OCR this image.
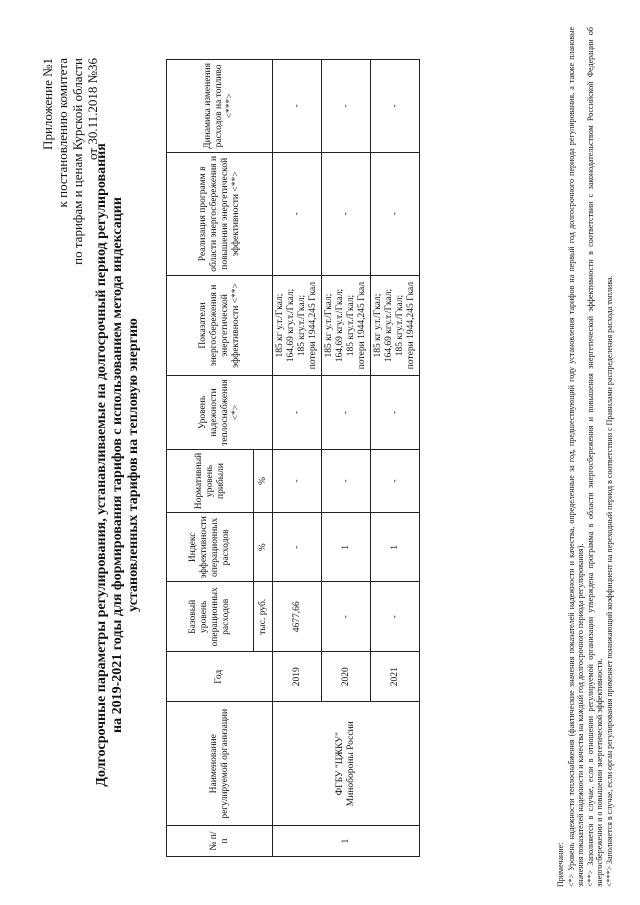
Приложение №1 к постановлению комитета по тарифам и ценам Курской области от 30.11.2018 №36
Долгосрочные параметры регулирования, устанавливаемые на долгосрочный период регулирования на 2019-2021 годы для формирования тарифов с использованием метода индексации установленных тарифов на тепловую энергию
№ п/п	Наименование регулируемой организации	Год	Базовый уровень операционных расходов	Индекс эффективности операционных расходов	Нормативный уровень прибыли	Уровень надежности теплоснабжения <*>	Показатели энергосбережения и энергетической эффективности <**>	Реализация программ в области энергосбережения и повышения энергетической эффективности <**>	Динамика изменения расходов на топливо <***>
			тыс. руб.	%	%				
1	ФГБУ "ЦЖКУ" Минобороны России	2019	4677,66	-	-	-	185 кг у.т./Гкал; 164,69 кгу.т./Гкал; 185 кгу.т./Гкал; потери 1944,245 Гкал	-	-
		2020	-	1	-	-	185 кг у.т./Гкал; 164,69 кгу.т./Гкал; 185 кгу.т./Гкал; потери 1944,245 Гкал	-	-
		2021	-	1	-	-	185 кг у.т./Гкал; 164,69 кгу.т./Гкал; 185 кгу.т./Гкал; потери 1944,245 Гкал	-	-
Примечание: <*> Уровень надежности теплоснабжения (фактические значения показателей надежности и качества, определенные за год, предшествующий году установления тарифов на первый год долгосрочного периода регулирования, а также плановые значения показателей надежности и качества на каждый год долгосрочного периода регулирования). <**> Заполняется в случае, если в отношении регулируемой организации утверждена программа в области энергосбережения и повышения энергетической эффективности в соответствии с законодательством Российской Федерации об энергосбережении и о повышении энергетической эффективности. <***> Заполняется в случае, если орган регулирования применяет понижающий коэффициент на переходный период в соответствии с Правилами распределения расхода топлива.
